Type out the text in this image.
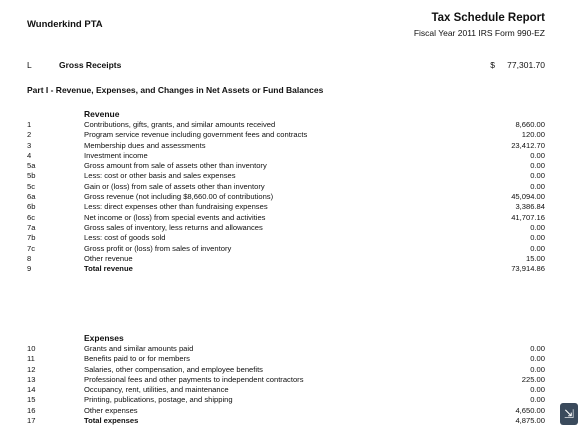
Wunderkind PTA
Tax Schedule Report
Fiscal Year 2011 IRS Form 990-EZ
L	Gross Receipts	$ 77,301.70
Part I - Revenue, Expenses, and Changes in Net Assets or Fund Balances
Revenue
1	Contributions, gifts, grants, and similar amounts received	8,660.00
2	Program service revenue including government fees and contracts	120.00
3	Membership dues and assessments	23,412.70
4	Investment income	0.00
5a	Gross amount from sale of assets other than inventory	0.00
5b	Less: cost or other basis and sales expenses	0.00
5c	Gain or (loss) from sale of assets other than inventory	0.00
6a	Gross revenue (not including $8,660.00 of contributions)	45,094.00
6b	Less: direct expenses other than fundraising expenses	3,386.84
6c	Net income or (loss) from special events and activities	41,707.16
7a	Gross sales of inventory, less returns and allowances	0.00
7b	Less: cost of goods sold	0.00
7c	Gross profit or (loss) from sales of inventory	0.00
8	Other revenue	15.00
9	Total revenue	73,914.86
Expenses
10	Grants and similar amounts paid	0.00
11	Benefits paid to or for members	0.00
12	Salaries, other compensation, and employee benefits	0.00
13	Professional fees and other payments to independent contractors	225.00
14	Occupancy, rent, utilities, and maintenance	0.00
15	Printing, publications, postage, and shipping	0.00
16	Other expenses	4,650.00
17	Total expenses	4,875.00	⇲
